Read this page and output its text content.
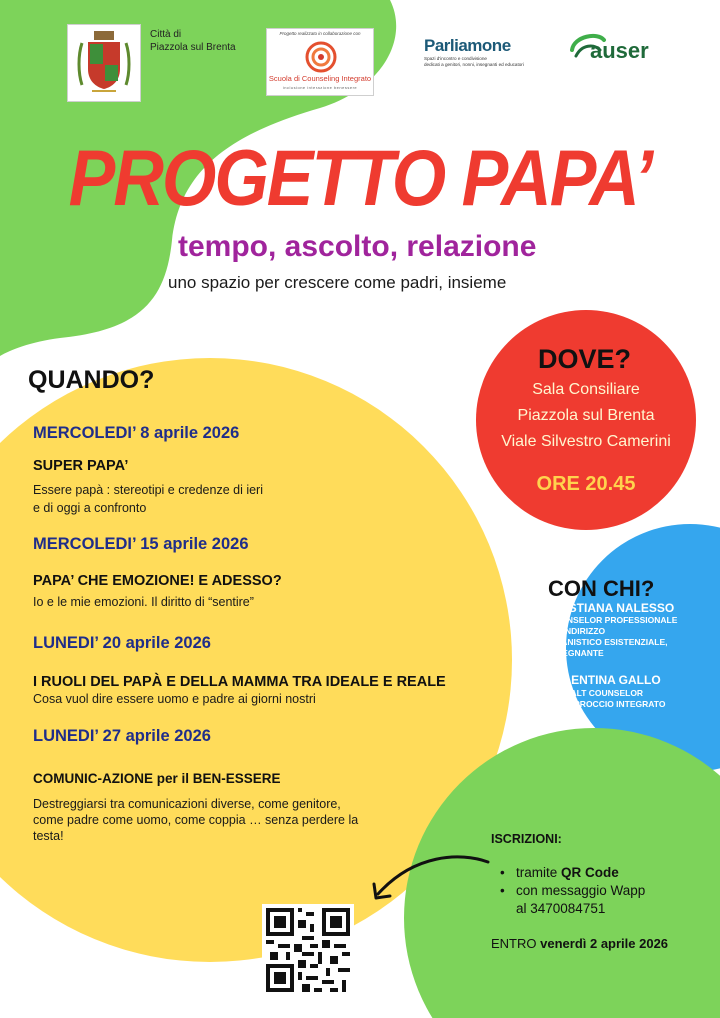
Città di
Piazzola sul Brenta
Progetto realizzato in collaborazione con
Scuola di Counseling Integrato
inclusione interazione benessere
Parliamone
Spazi d'incontro e condivisione
dedicati a genitori, nonni, insegnanti ed educatori
auser
PROGETTO PAPA’
tempo, ascolto, relazione
uno spazio per crescere come padri, insieme
QUANDO?
MERCOLEDI’ 8 aprile 2026
SUPER PAPA’
Essere papà : stereotipi e credenze di ieri
e di oggi a confronto
MERCOLEDI’ 15 aprile 2026
PAPA’ CHE EMOZIONE! E ADESSO?
Io e le mie emozioni. Il diritto di “sentire”
LUNEDI’ 20 aprile 2026
I RUOLI DEL PAPÀ E DELLA MAMMA TRA IDEALE E REALE
Cosa vuol dire essere uomo e padre ai giorni nostri
LUNEDI’ 27 aprile 2026
COMUNIC-AZIONE per il BEN-ESSERE
Destreggiarsi tra comunicazioni diverse, come genitore,
come padre come uomo, come coppia … senza perdere la
testa!
DOVE?
Sala Consiliare
Piazzola sul Brenta
Viale Silvestro Camerini
ORE 20.45
CON CHI?
CRISTIANA NALESSO
COUNSELOR PROFESSIONALE
AD INDIRIZZO
UMANISTICO ESISTENZIALE,
INSEGNANTE
VALENTINA GALLO
GESTALT COUNSELOR
AD APPROCCIO INTEGRATO
ISCRIZIONI:
• tramite QR Code
• con messaggio Wapp
al 3470084751
ENTRO venerdì 2 aprile 2026
